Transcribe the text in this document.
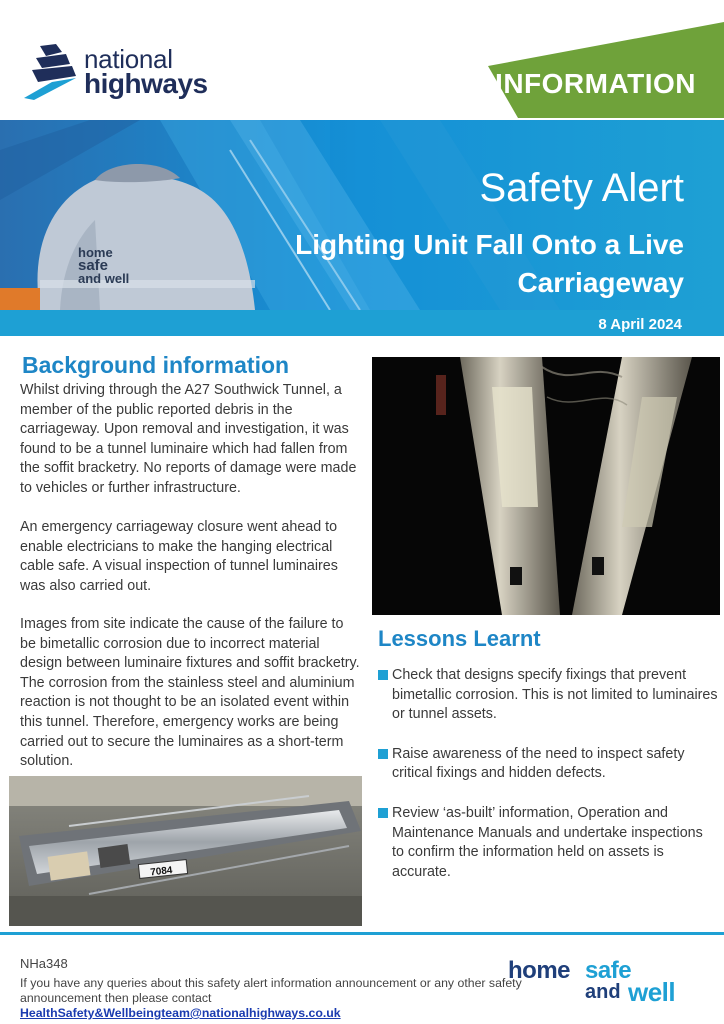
national
highways	INFORMATION
home
safe
and well
Safety Alert
Lighting Unit Fall Onto a Live Carriageway
8 April 2024
Background information

Whilst driving through the A27 Southwick Tunnel, a member of the public reported debris in the carriageway. Upon removal and investigation, it was found to be a tunnel luminaire which had fallen from the soffit bracketry. No reports of damage were made to vehicles or further infrastructure.

An emergency carriageway closure went ahead to enable electricians to make the hanging electrical cable safe. A visual inspection of tunnel luminaires was also carried out.

Images from site indicate the cause of the failure to be bimetallic corrosion due to incorrect material design between luminaire fixtures and soffit bracketry. The corrosion from the stainless steel and aluminium reaction is not thought to be an isolated event within this tunnel. Therefore, emergency works are being carried out to secure the luminaires as a short-term solution.

7084
Lessons Learnt
Check that designs specify fixings that prevent bimetallic corrosion. This is not limited to luminaires or tunnel assets.
Raise awareness of the need to inspect safety critical fixings and hidden defects.
Review ‘as-built’ information, Operation and Maintenance Manuals and undertake inspections to confirm the information held on assets is accurate.
NHa348
If you have any queries about this safety alert information announcement or any other safety announcement then please contact HealthSafety&Wellbeingteam@nationalhighways.co.uk
home safe
and well
